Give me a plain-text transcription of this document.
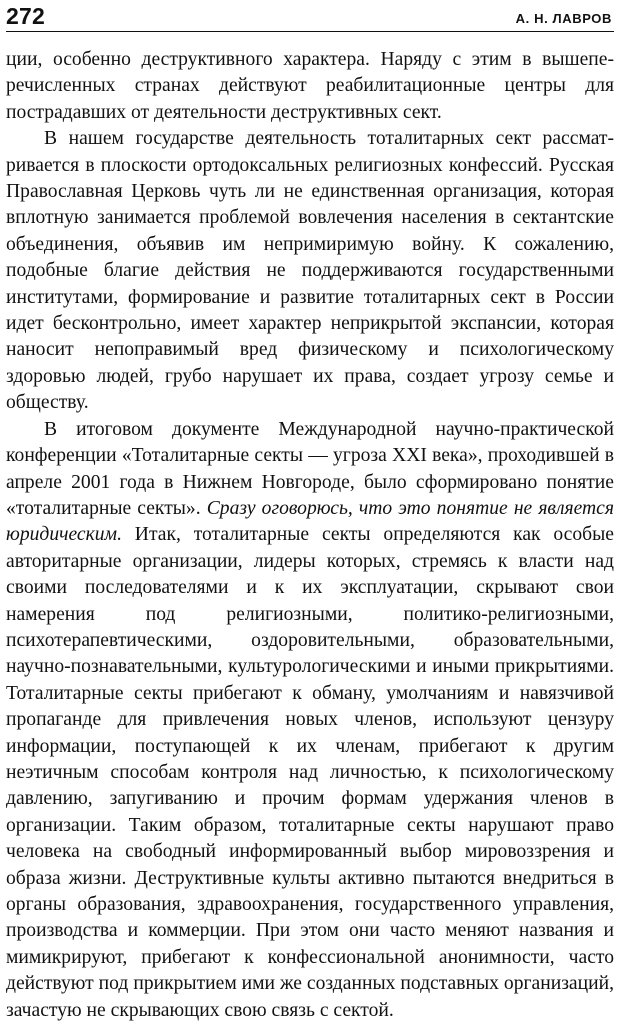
272	А. Н. ЛАВРОВ

ции, особенно деструктивного характера. Наряду с этим в вышеперечисленных странах действуют реабилитационные центры для пострадавших от деятельности деструктивных сект.

В нашем государстве деятельность тоталитарных сект рассматривается в плоскости ортодоксальных религиозных конфессий. Русская Православная Церковь чуть ли не единственная организация, которая вплотную занимается проблемой вовлечения населения в сектантские объединения, объявив им непримиримую войну. К сожалению, подобные благие действия не поддерживаются государственными институтами, формирование и развитие тоталитарных сект в России идет бесконтрольно, имеет характер неприкрытой экспансии, которая наносит непоправимый вред физическому и психологическому здоровью людей, грубо нарушает их права, создает угрозу семье и обществу.

В итоговом документе Международной научно-практической конференции «Тоталитарные секты — угроза XXI века», проходившей в апреле 2001 года в Нижнем Новгороде, было сформировано понятие «тоталитарные секты». Сразу оговорюсь, что это понятие не является юридическим. Итак, тоталитарные секты определяются как особые авторитарные организации, лидеры которых, стремясь к власти над своими последователями и к их эксплуатации, скрывают свои намерения под религиозными, политико-религиозными, психотерапевтическими, оздоровительными, образовательными, научно-познавательными, культурологическими и иными прикрытиями. Тоталитарные секты прибегают к обману, умолчаниям и навязчивой пропаганде для привлечения новых членов, используют цензуру информации, поступающей к их членам, прибегают к другим неэтичным способам контроля над личностью, к психологическому давлению, запугиванию и прочим формам удержания членов в организации. Таким образом, тоталитарные секты нарушают право человека на свободный информированный выбор мировоззрения и образа жизни. Деструктивные культы активно пытаются внедриться в органы образования, здравоохранения, государственного управления, производства и коммерции. При этом они часто меняют названия и мимикрируют, прибегают к конфессиональной анонимности, часто действуют под прикрытием ими же созданных подставных организаций, зачастую не скрывающих свою связь с сектой.
